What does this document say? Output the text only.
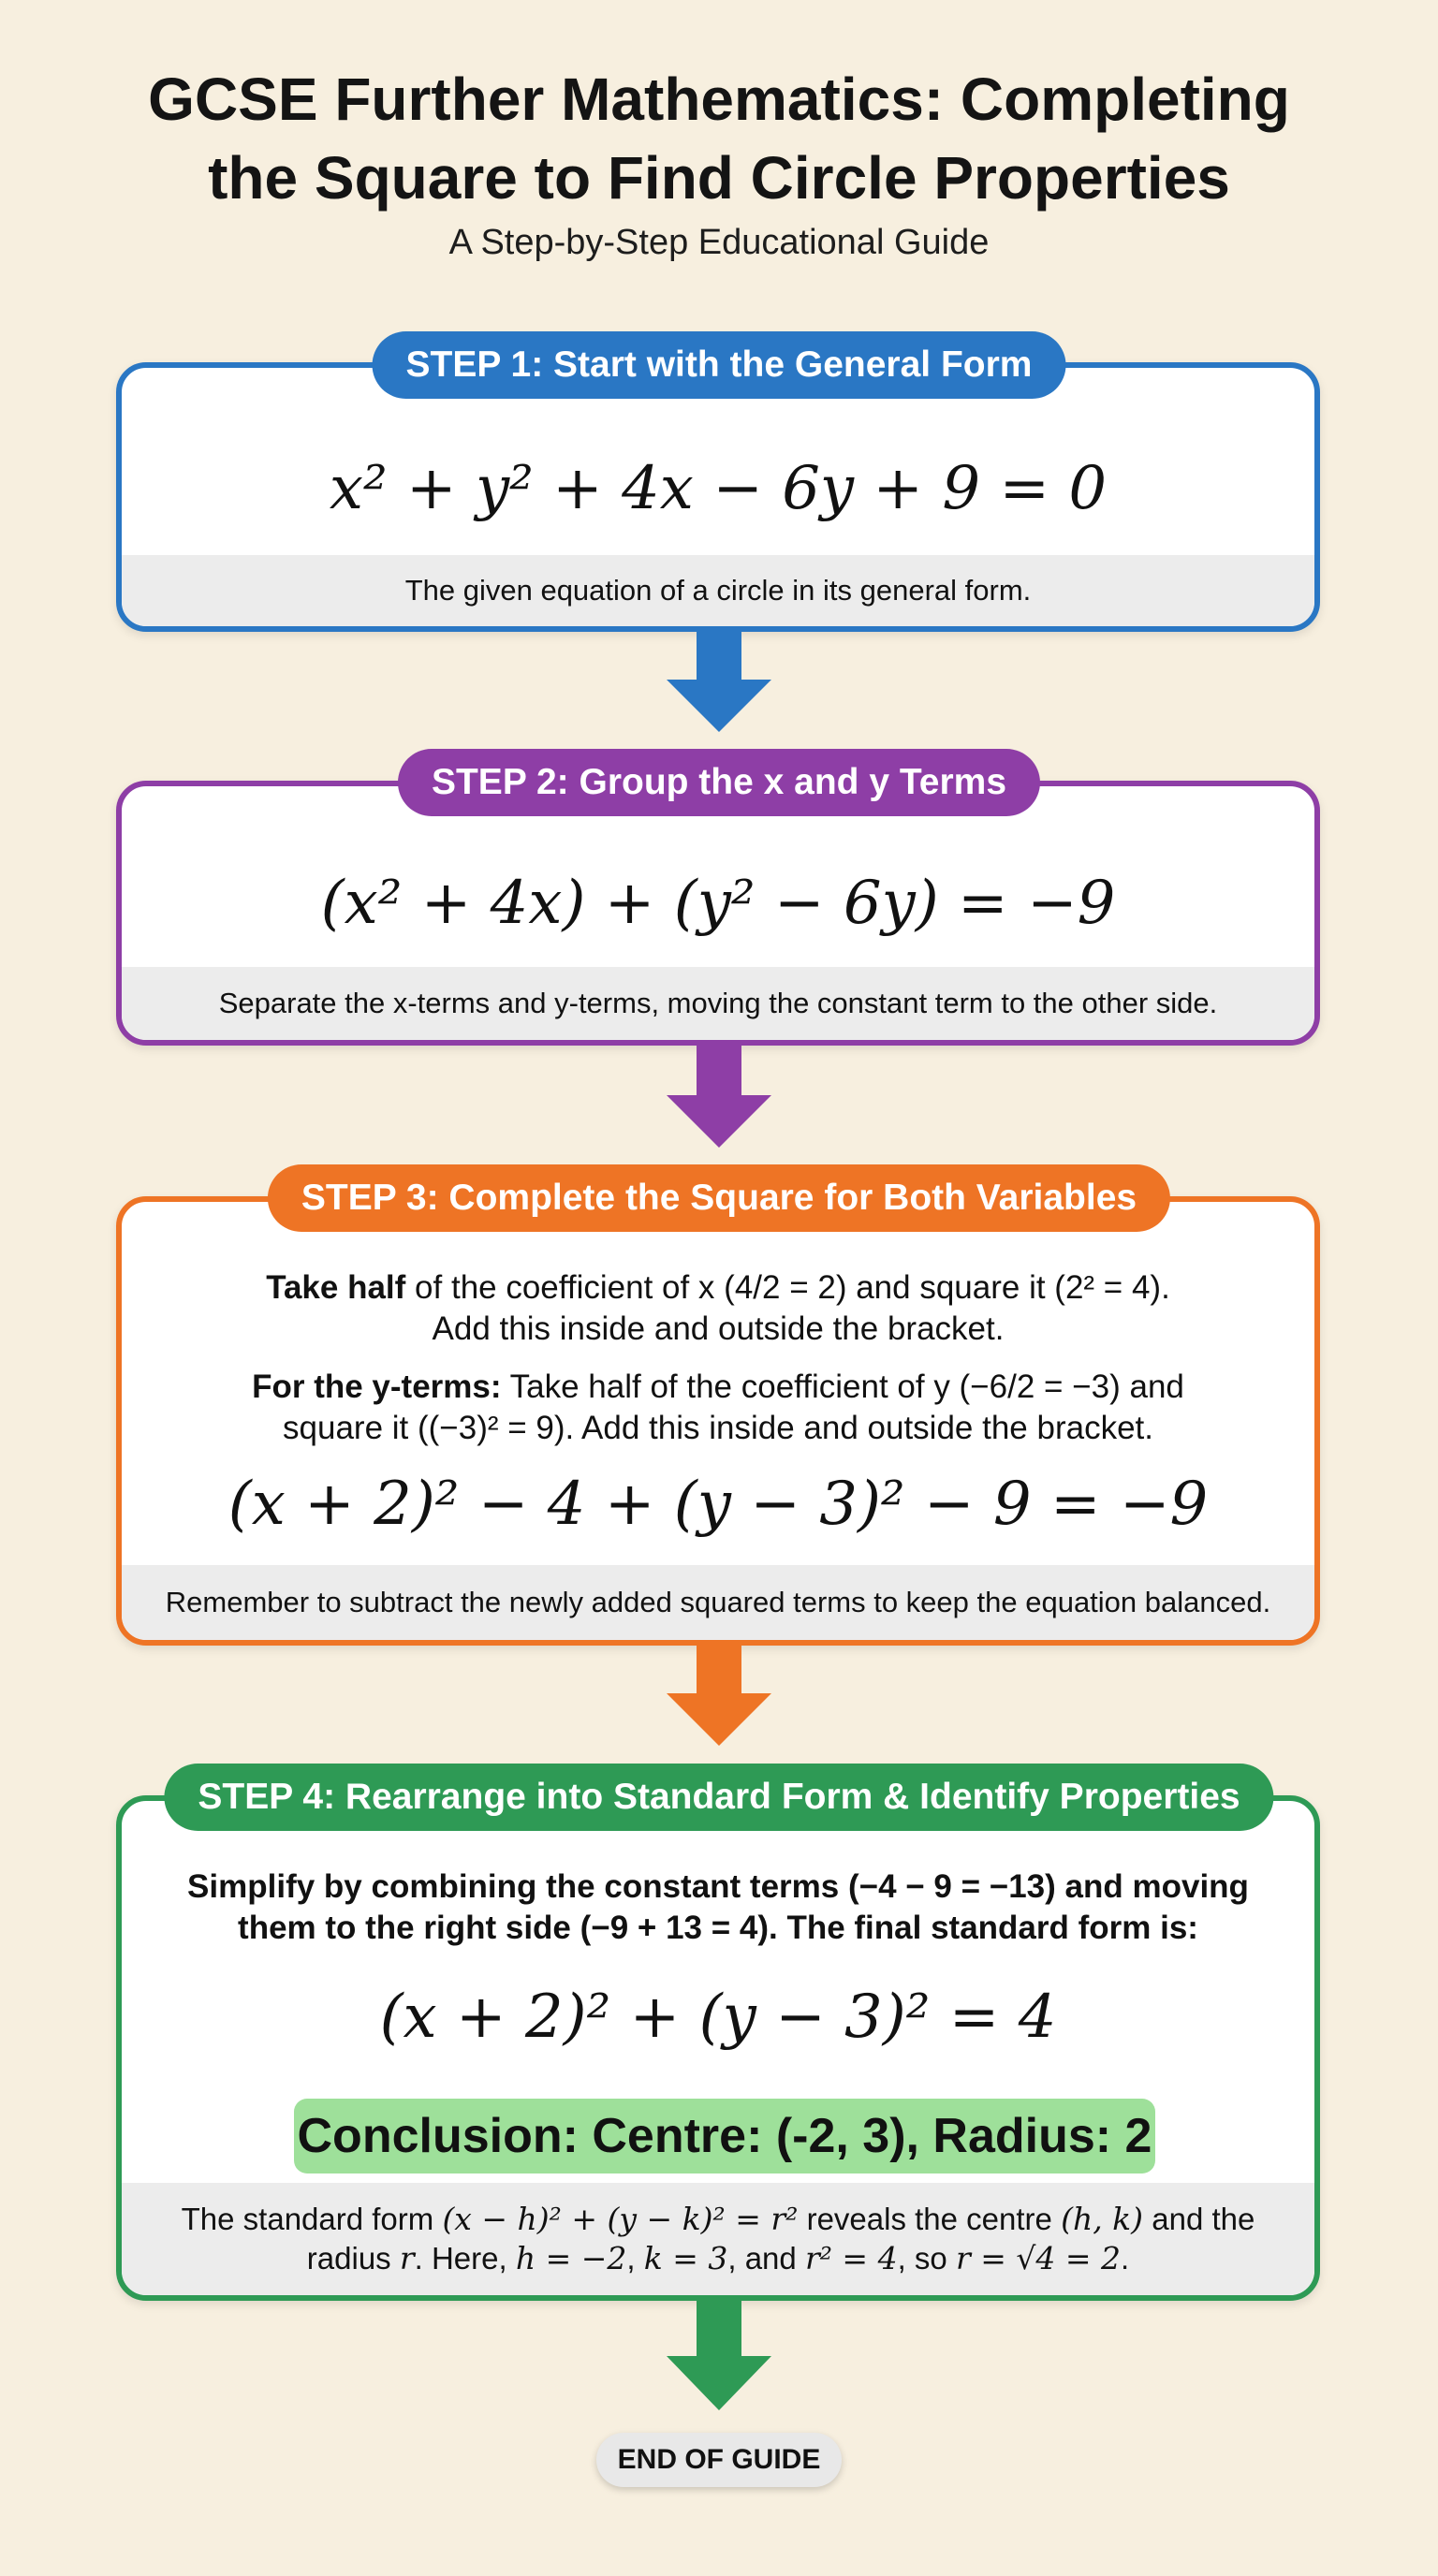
GCSE Further Mathematics: Completing
the Square to Find Circle Properties
A Step-by-Step Educational Guide
x² + y² + 4x − 6y + 9 = 0
The given equation of a circle in its general form.
STEP 1: Start with the General Form
(x² + 4x) + (y² − 6y) = −9
Separate the x-terms and y-terms, moving the constant term to the other side.
STEP 2: Group the x and y Terms
Take half of the coefficient of x (4/2 = 2) and square it (2² = 4).
Add this inside and outside the bracket.
For the y-terms: Take half of the coefficient of y (−6/2 = −3) and
square it ((−3)² = 9). Add this inside and outside the bracket.
(x + 2)² − 4 + (y − 3)² − 9 = −9
Remember to subtract the newly added squared terms to keep the equation balanced.
STEP 3: Complete the Square for Both Variables
Simplify by combining the constant terms (−4 − 9 = −13) and moving
them to the right side (−9 + 13 = 4). The final standard form is:
(x + 2)² + (y − 3)² = 4
Conclusion: Centre: (-2, 3), Radius: 2
The standard form (x − h)² + (y − k)² = r² reveals the centre (h, k) and the
radius r. Here, h = −2, k = 3, and r² = 4, so r = √4 = 2.
STEP 4: Rearrange into Standard Form & Identify Properties
END OF GUIDE
